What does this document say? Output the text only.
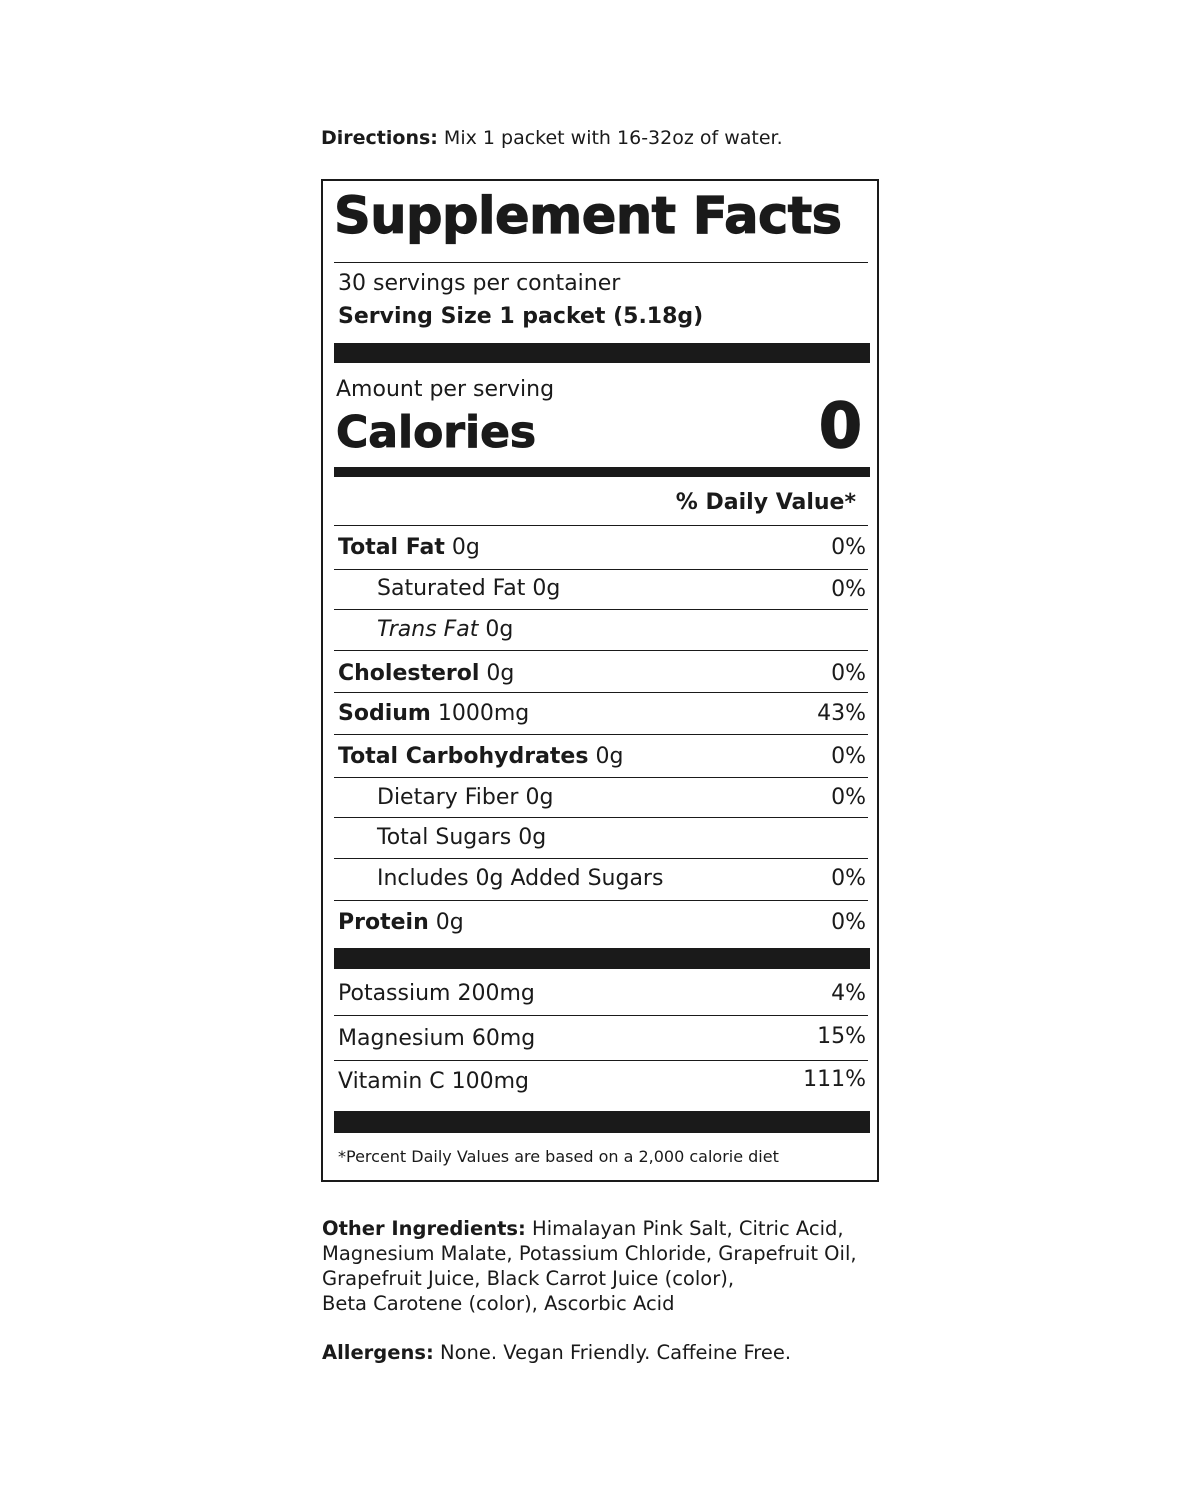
Directions: Mix 1 packet with 16-32oz of water.
Supplement Facts
30 servings per container
Serving Size 1 packet (5.18g)
Amount per serving
Calories	0
% Daily Value*
Total Fat 0g	0%
Saturated Fat 0g	0%
Trans Fat 0g
Cholesterol 0g	0%
Sodium 1000mg	43%
Total Carbohydrates 0g	0%
Dietary Fiber 0g	0%
Total Sugars 0g
Includes 0g Added Sugars	0%
Protein 0g	0%
Potassium 200mg	4%
Magnesium 60mg	15%
Vitamin C 100mg	111%
*Percent Daily Values are based on a 2,000 calorie diet
Other Ingredients: Himalayan Pink Salt, Citric Acid,
Magnesium Malate, Potassium Chloride, Grapefruit Oil,
Grapefruit Juice, Black Carrot Juice (color),
Beta Carotene (color), Ascorbic Acid
Allergens: None. Vegan Friendly. Caffeine Free.
